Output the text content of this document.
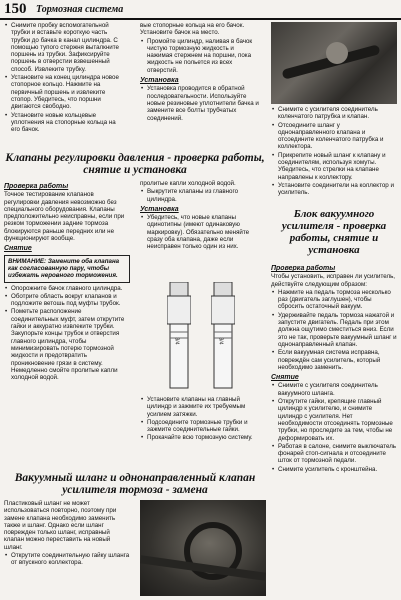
150 Тормозная система

• Снимите пробку вспомогательной трубки и вставьте короткую часть трубки до бачка в канал цилиндра. С помощью тупого стержня выталкните поршень из трубки. Зафиксируйте поршень в отверстии взвешенный способ. Извлеките трубку.

• Установите на конец цилиндра новое стопорное кольцо. Нажмите на первичный поршень и извлеките стопор. Убедитесь, что поршни двигаются свободно.

• Установите новые кольцевые уплотнения на стопорные кольца на его бачок.

вые стопорные кольца на его бачок. Установите бачок на место.

• Промойте цилиндр, наливая в бачок чистую тормозную жидкость и нажимая стержнем на поршни, пока жидкость не польется из всех отверстий.

Установка

• Установка проводится в обратной последовательности. Используйте новые резиновые уплотнители бачка и замените все болты трубчатых соединений.

• Снимите с усилителя соединитель коленчатого патрубка и клапан.

• Отсоедините шланг у однонаправленного клапана и отсоедините коленчатого патрубка и коллектора.

• Прикрепите новый шланг к клапану и соединителям, используя хомуты. Убедитесь, что стрелки на клапане направлены к коллектору.

• Установите соединители на коллектор и усилитель.

Клапаны регулировки давления - проверка работы, снятие и установка
Проверка работы

Точное тестирование клапанов регулировки давления невозможно без специального оборудования. Клапаны предположительно неисправны, если при резком торможении задние тормоза блокируются раньше передних или не функционируют вообще.

Снятие
ВНИМАНИЕ: Замените оба клапана как согласованную пару, чтобы избежать неровного торможения.

• Опорожните бачок главного цилиндра.

• Оботрите область вокруг клапанов и подложите ветошь под муфты трубок.

• Пометьте расположение соединительных муфт, затем открутите гайки и аккуратно извлеките трубки. Закупорьте концы трубок и отверстия главного цилиндра, чтобы минимизировать потерю тормозной жидкости и предотвратить проникновение грязи в систему. Немедленно смойте пролитые капли холодной водой.

пролитые капли холодной водой.

• Выкрутите клапаны из главного цилиндра.

Установка

• Убедитесь, что новые клапаны одинотипны (имеют одинаковую маркировку). Обязательно меняйте сразу оба клапана, даже если неисправен только один из них.

3/4	3/4

• Установите клапаны на главный цилиндр и зажмите их требуемым усилием затяжки.

• Подсоедините тормозные трубки и зажмите соединительные гайки.

• Прокачайте всю тормозную систему.

Блок вакуумного усилителя - проверка работы, снятие и установка
Проверка работы

Чтобы установить, исправен ли усилитель, действуйте следующим образом:

• Нажмите на педаль тормоза несколько раз (двигатель заглушен), чтобы сбросить остаточный вакуум.

• Удерживайте педаль тормоза нажатой и запустите двигатель. Педаль при этом должна ощутимо сместиться вниз. Если это не так, проверьте вакуумный шланг и однонаправленный клапан.

• Если вакуумная система исправна, повреждён сам усилитель, который необходимо заменить.

Снятие

• Снимите с усилителя соединитель вакуумного шланга.

• Открутите гайки, крепящие главный цилиндр к усилителю, и снимите цилиндр с усилителя. Нет необходимости отсоединять тормозные трубки, но проследите за тем, чтобы не деформировать их.

• Работая в салоне, снимите выключатель фонарей стоп-сигнала и отсоедините шток от тормозной педали.

• Снимите усилитель с кронштейна.

Вакуумный шланг и однонаправленный клапан усилителя тормоза - замена

Пластиковый шланг не может использоваться повторно, поэтому при замене клапана необходимо заменить также и шланг. Однако если шланг поврежден только шланг, исправный клапан можно переставить на новый шланг.

• Открутите соединительную гайку шланга от впускного коллектора.
